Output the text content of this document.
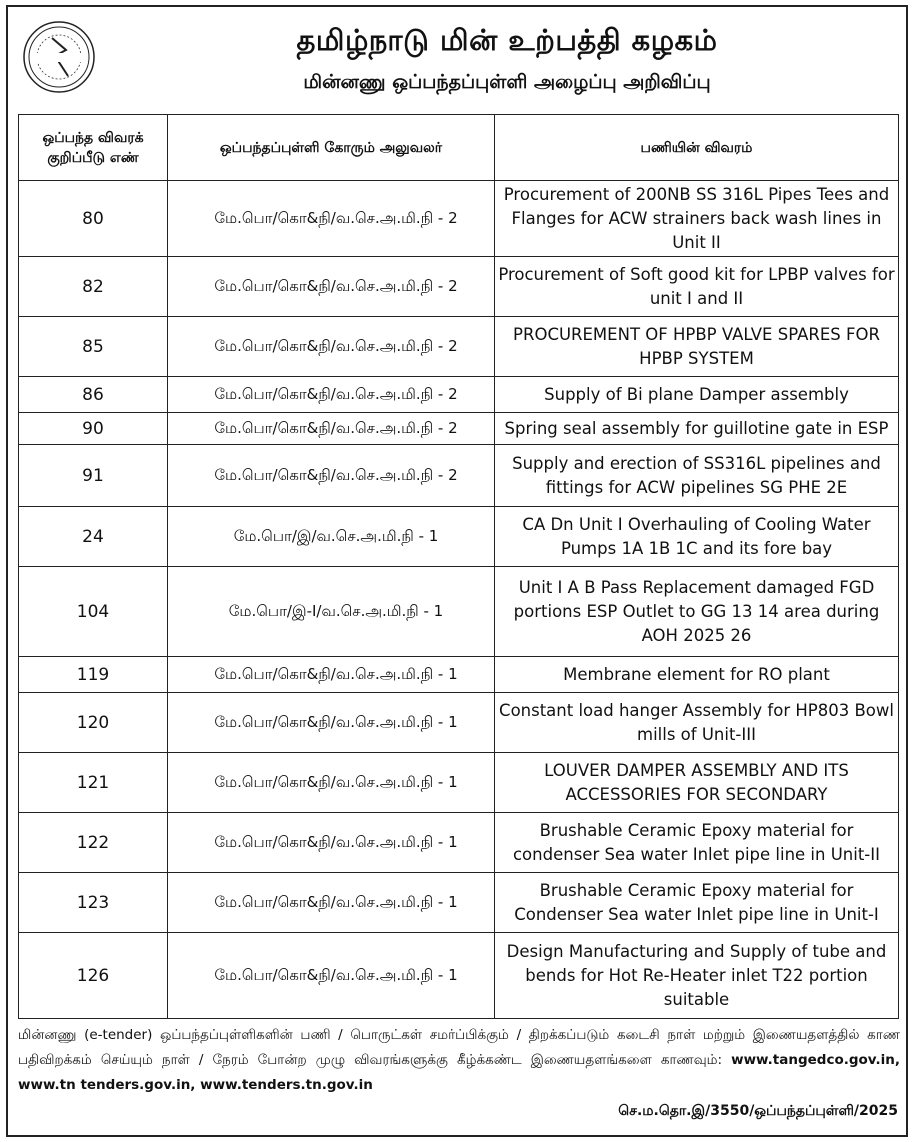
தமிழ்நாடு மின் உற்பத்தி கழகம்
மின்னணு ஒப்பந்தப்புள்ளி அழைப்பு அறிவிப்பு
ஒப்பந்த விவரக் குறிப்பீடு எண்	ஒப்பந்தப்புள்ளி கோரும் அலுவலர்	பணியின் விவரம்
80	மே.பொ/கொ&நி/வ.செ.அ.மி.நி - 2	Procurement of 200NB SS 316L Pipes Tees and Flanges for ACW strainers back wash lines in Unit II
82	மே.பொ/கொ&நி/வ.செ.அ.மி.நி - 2	Procurement of Soft good kit for LPBP valves for unit I and II
85	மே.பொ/கொ&நி/வ.செ.அ.மி.நி - 2	PROCUREMENT OF HPBP VALVE SPARES FOR HPBP SYSTEM
86	மே.பொ/கொ&நி/வ.செ.அ.மி.நி - 2	Supply of Bi plane Damper assembly
90	மே.பொ/கொ&நி/வ.செ.அ.மி.நி - 2	Spring seal assembly for guillotine gate in ESP
91	மே.பொ/கொ&நி/வ.செ.அ.மி.நி - 2	Supply and erection of SS316L pipelines and fittings for ACW pipelines SG PHE 2E
24	மே.பொ/இ/வ.செ.அ.மி.நி - 1	CA Dn Unit I Overhauling of Cooling Water Pumps 1A 1B 1C and its fore bay
104	மே.பொ/இ-I/வ.செ.அ.மி.நி - 1	Unit I A B Pass Replacement damaged FGD portions ESP Outlet to GG 13 14 area during AOH 2025 26
119	மே.பொ/கொ&நி/வ.செ.அ.மி.நி - 1	Membrane element for RO plant
120	மே.பொ/கொ&நி/வ.செ.அ.மி.நி - 1	Constant load hanger Assembly for HP803 Bowl mills of Unit-III
121	மே.பொ/கொ&நி/வ.செ.அ.மி.நி - 1	LOUVER DAMPER ASSEMBLY AND ITS ACCESSORIES FOR SECONDARY
122	மே.பொ/கொ&நி/வ.செ.அ.மி.நி - 1	Brushable Ceramic Epoxy material for condenser Sea water Inlet pipe line in Unit-II
123	மே.பொ/கொ&நி/வ.செ.அ.மி.நி - 1	Brushable Ceramic Epoxy material for Condenser Sea water Inlet pipe line in Unit-I
126	மே.பொ/கொ&நி/வ.செ.அ.மி.நி - 1	Design Manufacturing and Supply of tube and bends for Hot Re-Heater inlet T22 portion suitable
மின்னணு (e-tender) ஒப்பந்தப்புள்ளிகளின் பணி / பொருட்கள் சமர்ப்பிக்கும் / திறக்கப்படும் கடைசி நாள் மற்றும் இணையதளத்தில் காண பதிவிறக்கம் செய்யும் நாள் / நேரம் போன்ற முழு விவரங்களுக்கு கீழ்க்கண்ட இணையதளங்களை காணவும்: www.tangedco.gov.in, www.tn tenders.gov.in, www.tenders.tn.gov.in
செ.ம.தொ.இ/3550/ஒப்பந்தப்புள்ளி/2025
